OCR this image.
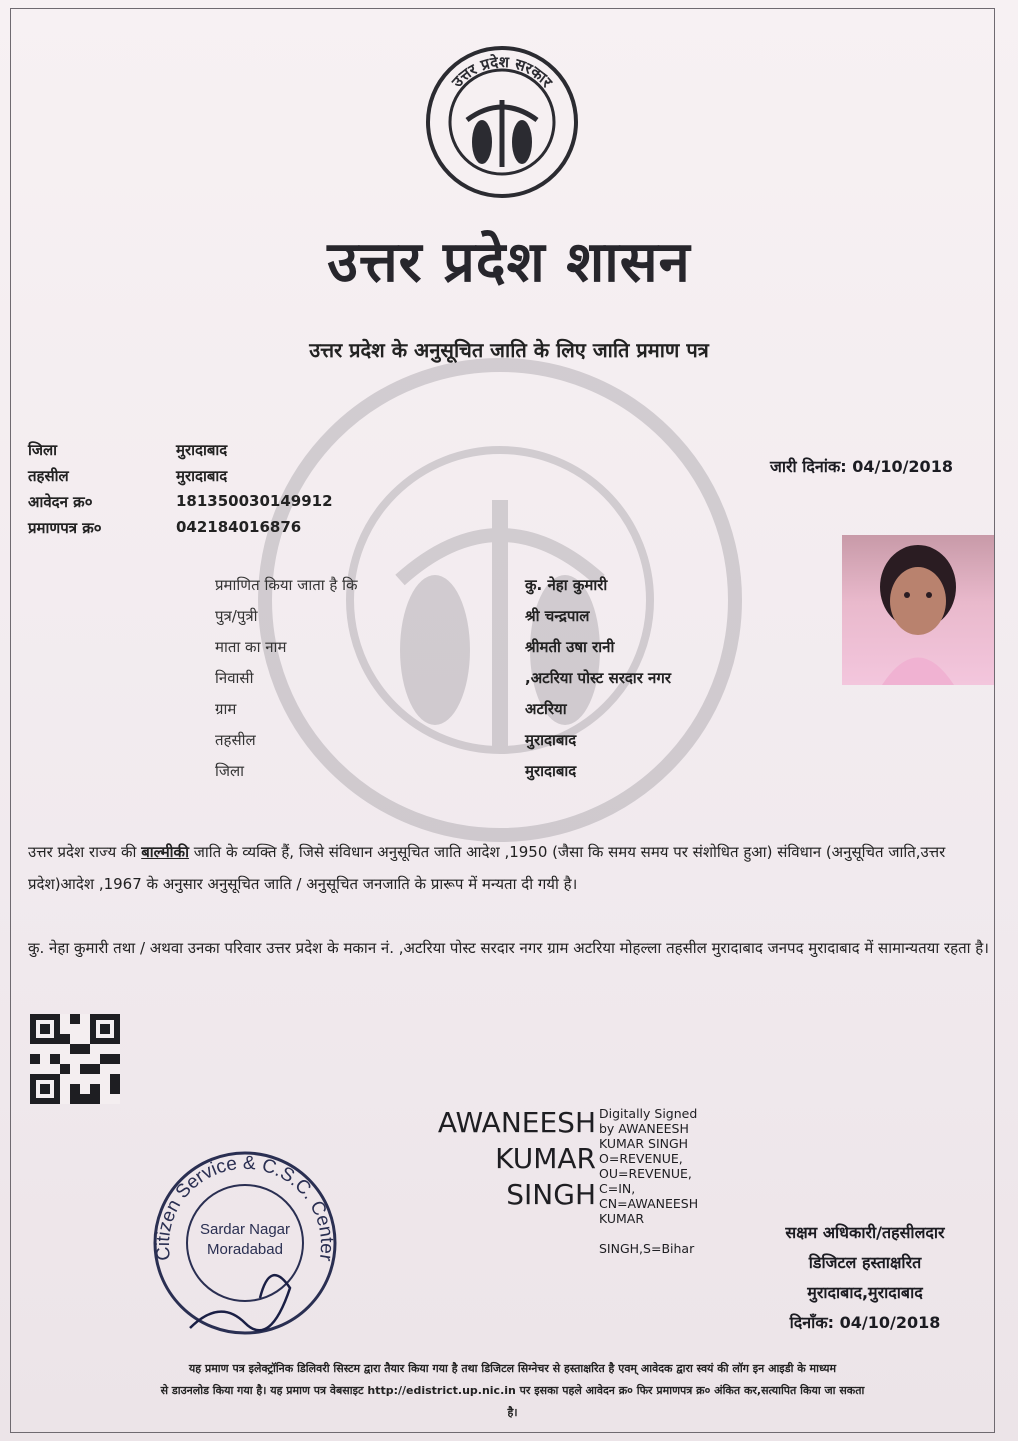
उत्तर प्रदेश सरकार
उत्तर प्रदेश शासन
उत्तर प्रदेश के अनुसूचित जाति के लिए जाति प्रमाण पत्र
जिला	मुरादाबाद
तहसील	मुरादाबाद
आवेदन क्र०	181350030149912
प्रमाणपत्र क्र०	042184016876
जारी दिनांक: 04/10/2018
प्रमाणित किया जाता है कि	कु. नेहा कुमारी
पुत्र/पुत्री	श्री चन्द्रपाल
माता का नाम	श्रीमती उषा रानी
निवासी	,अटरिया पोस्ट सरदार नगर
ग्राम	अटरिया
तहसील	मुरादाबाद
जिला	मुरादाबाद
उत्तर प्रदेश राज्य की बाल्मीकी जाति के व्यक्ति हैं, जिसे संविधान अनुसूचित जाति आदेश ,1950 (जैसा कि समय समय पर संशोधित हुआ) संविधान (अनुसूचित जाति,उत्तर प्रदेश)आदेश ,1967 के अनुसार अनुसूचित जाति / अनुसूचित जनजाति के प्रारूप में मन्यता दी गयी है।
कु. नेहा कुमारी तथा / अथवा उनका परिवार उत्तर प्रदेश के मकान नं. ,अटरिया पोस्ट सरदार नगर ग्राम अटरिया मोहल्ला तहसील मुरादाबाद जनपद मुरादाबाद में सामान्यतया रहता है।
AWANEESH
KUMAR
SINGH
Digitally Signed
by AWANEESH
KUMAR SINGH
O=REVENUE,
OU=REVENUE,
C=IN,
CN=AWANEESH
KUMAR
SINGH,S=Bihar
सक्षम अधिकारी/तहसीलदार
डिजिटल हस्ताक्षरित
मुरादाबाद,मुरादाबाद
दिनाँक: 04/10/2018
Citizen Service & C.S.C. Center
Sardar Nagar
Moradabad
यह प्रमाण पत्र इलेक्ट्रॉनिक डिलिवरी सिस्टम द्वारा तैयार किया गया है तथा डिजिटल सिग्नेचर से हस्ताक्षरित है एवम् आवेदक द्वारा स्वयं की लॉग इन आइडी के माध्यम
से डाउनलोड किया गया है। यह प्रमाण पत्र वेबसाइट http://edistrict.up.nic.in पर इसका पहले आवेदन क्र० फिर प्रमाणपत्र क्र० अंकित कर,सत्यापित किया जा सकता
है।
